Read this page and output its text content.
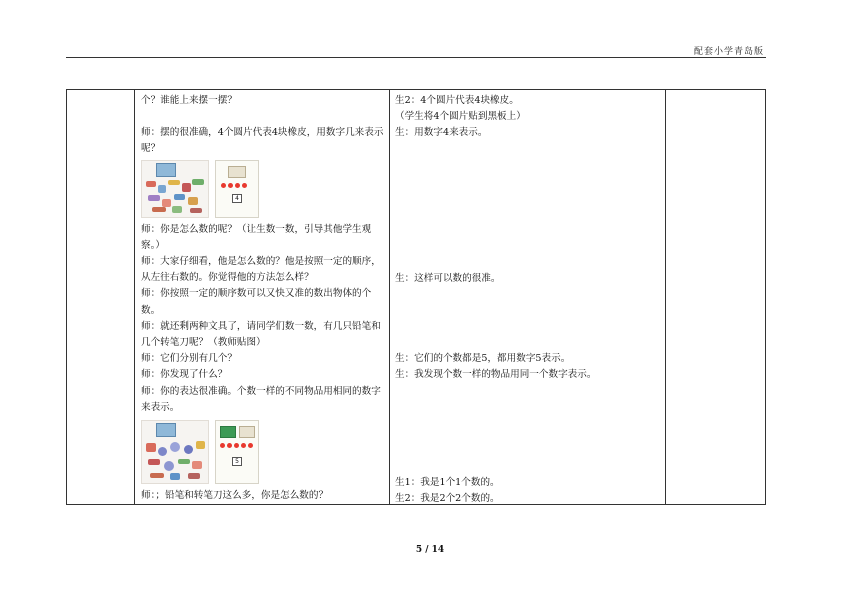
配套小学青岛版

个？谁能上来摆一摆？

师：摆的很准确，4个圆片代表4块橡皮，用数字几来表示呢？

4

师：你是怎么数的呢？（让生数一数，引导其他学生观察。）

师：大家仔细看，他是怎么数的？他是按照一定的顺序，从左往右数的。你觉得他的方法怎么样？

师：你按照一定的顺序数可以又快又准的数出物体的个数。

师：就还剩两种文具了，请同学们数一数，有几只铅笔和几个转笔刀呢？（教师贴图）

师：它们分别有几个？

师：你发现了什么？

师：你的表达很准确。个数一样的不同物品用相同的数字来表示。

5

师：；铅笔和转笔刀这么多，你是怎么数的？

生2：4个圆片代表4块橡皮。

（学生将4个圆片贴到黑板上）

生：用数字4来表示。

生：这样可以数的很准。

生：它们的个数都是5，都用数字5表示。

生：我发现个数一样的物品用同一个数字表示。

生1：我是1个1个数的。

生2：我是2个2个数的。

5 / 14
